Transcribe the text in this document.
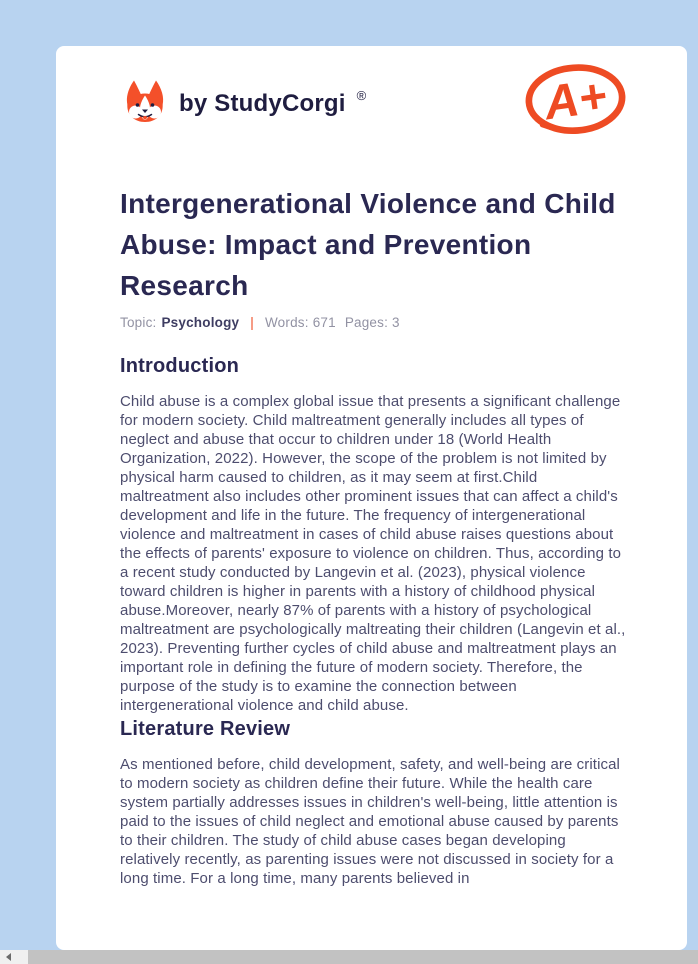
by StudyCorgi ®	A+
Intergenerational Violence and Child Abuse: Impact and Prevention Research
Topic: Psychology | Words: 671 Pages: 3
Introduction

Child abuse is a complex global issue that presents a significant challenge for modern society. Child maltreatment generally includes all types of neglect and abuse that occur to children under 18 (World Health Organization, 2022). However, the scope of the problem is not limited by physical harm caused to children, as it may seem at first.Child maltreatment also includes other prominent issues that can affect a child's development and life in the future. The frequency of intergenerational violence and maltreatment in cases of child abuse raises questions about the effects of parents' exposure to violence on children. Thus, according to a recent study conducted by Langevin et al. (2023), physical violence toward children is higher in parents with a history of childhood physical abuse.Moreover, nearly 87% of parents with a history of psychological maltreatment are psychologically maltreating their children (Langevin et al., 2023). Preventing further cycles of child abuse and maltreatment plays an important role in defining the future of modern society. Therefore, the purpose of the study is to examine the connection between intergenerational violence and child abuse.

Literature Review

As mentioned before, child development, safety, and well-being are critical to modern society as children define their future. While the health care system partially addresses issues in children's well-being, little attention is paid to the issues of child neglect and emotional abuse caused by parents to their children. The study of child abuse cases began developing relatively recently, as parenting issues were not discussed in society for a long time. For a long time, many parents believed in
